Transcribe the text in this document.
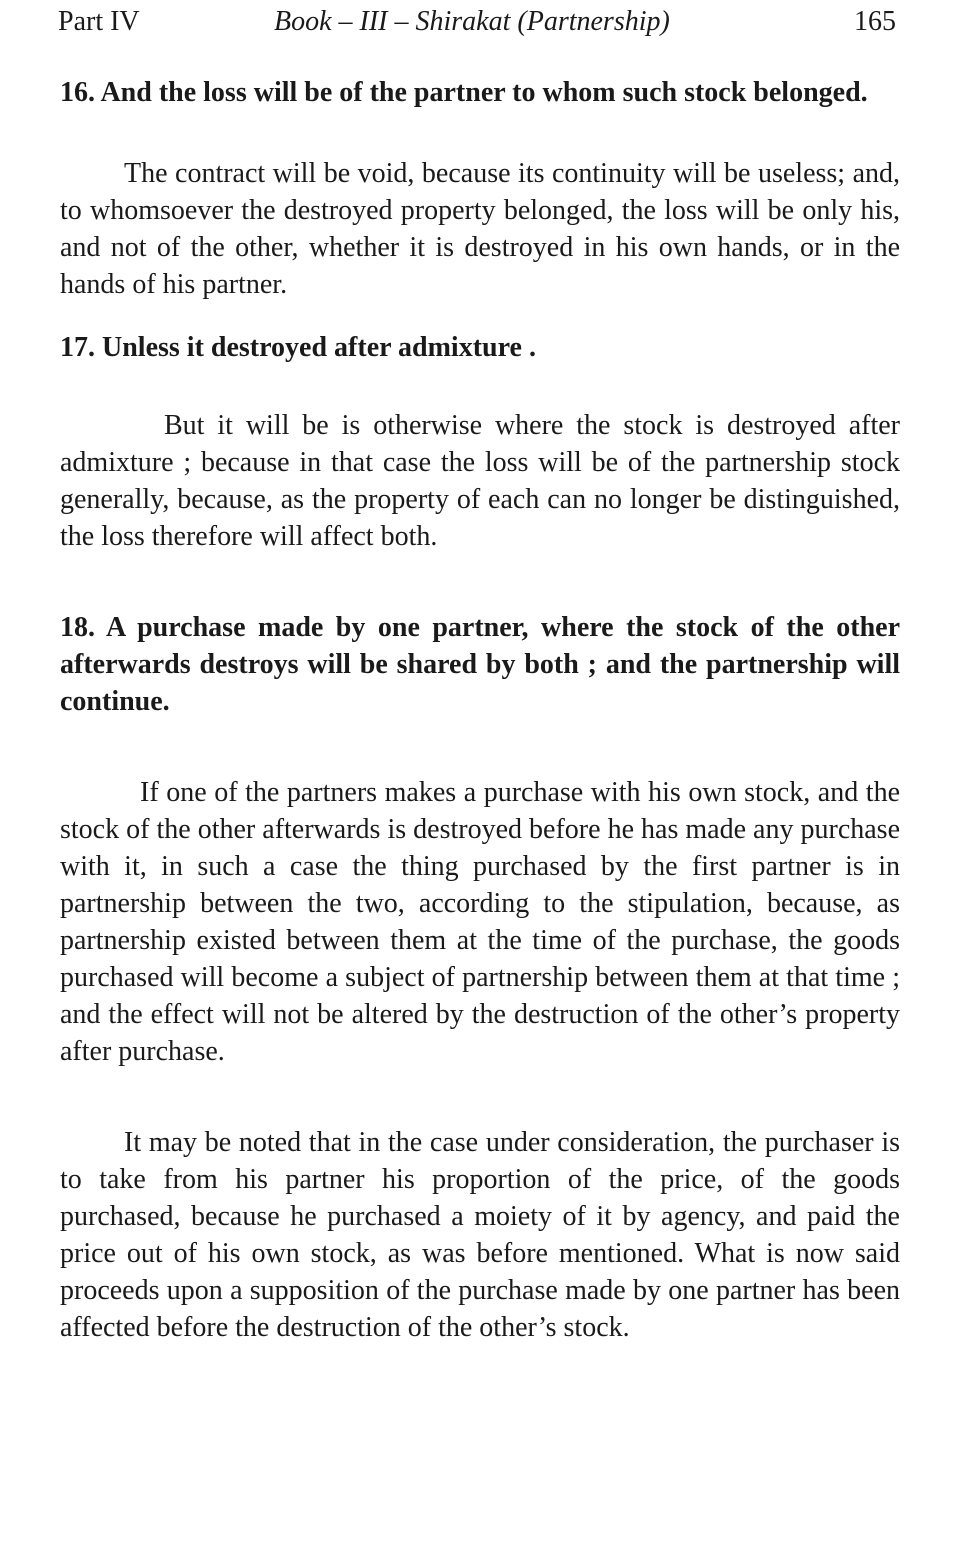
Part IV	Book – III – Shirakat (Partnership)	165

16. And the loss will be of the partner to whom such stock belonged.

The contract will be void, because its continuity will be useless; and, to whomsoever the destroyed property belonged, the loss will be only his, and not of the other, whether it is destroyed in his own hands, or in the hands of his partner.

17. Unless it destroyed after admixture .

But it will be is otherwise where the stock is destroyed after admixture ; because in that case the loss will be of the partnership stock generally, because, as the property of each can no longer be distinguished, the loss therefore will affect both.

18. A purchase made by one partner, where the stock of the other afterwards destroys will be shared by both ; and the partnership will continue.

If one of the partners makes a purchase with his own stock, and the stock of the other afterwards is destroyed before he has made any purchase with it, in such a case the thing purchased by the first partner is in partnership between the two, according to the stipulation, because, as partnership existed between them at the time of the purchase, the goods purchased will become a subject of partnership between them at that time ; and the effect will not be altered by the destruction of the other’s property after purchase.

It may be noted that in the case under consideration, the purchaser is to take from his partner his proportion of the price, of the goods purchased, because he purchased a moiety of it by agency, and paid the price out of his own stock, as was before mentioned. What is now said proceeds upon a supposition of the purchase made by one partner has been affected before the destruction of the other’s stock.
